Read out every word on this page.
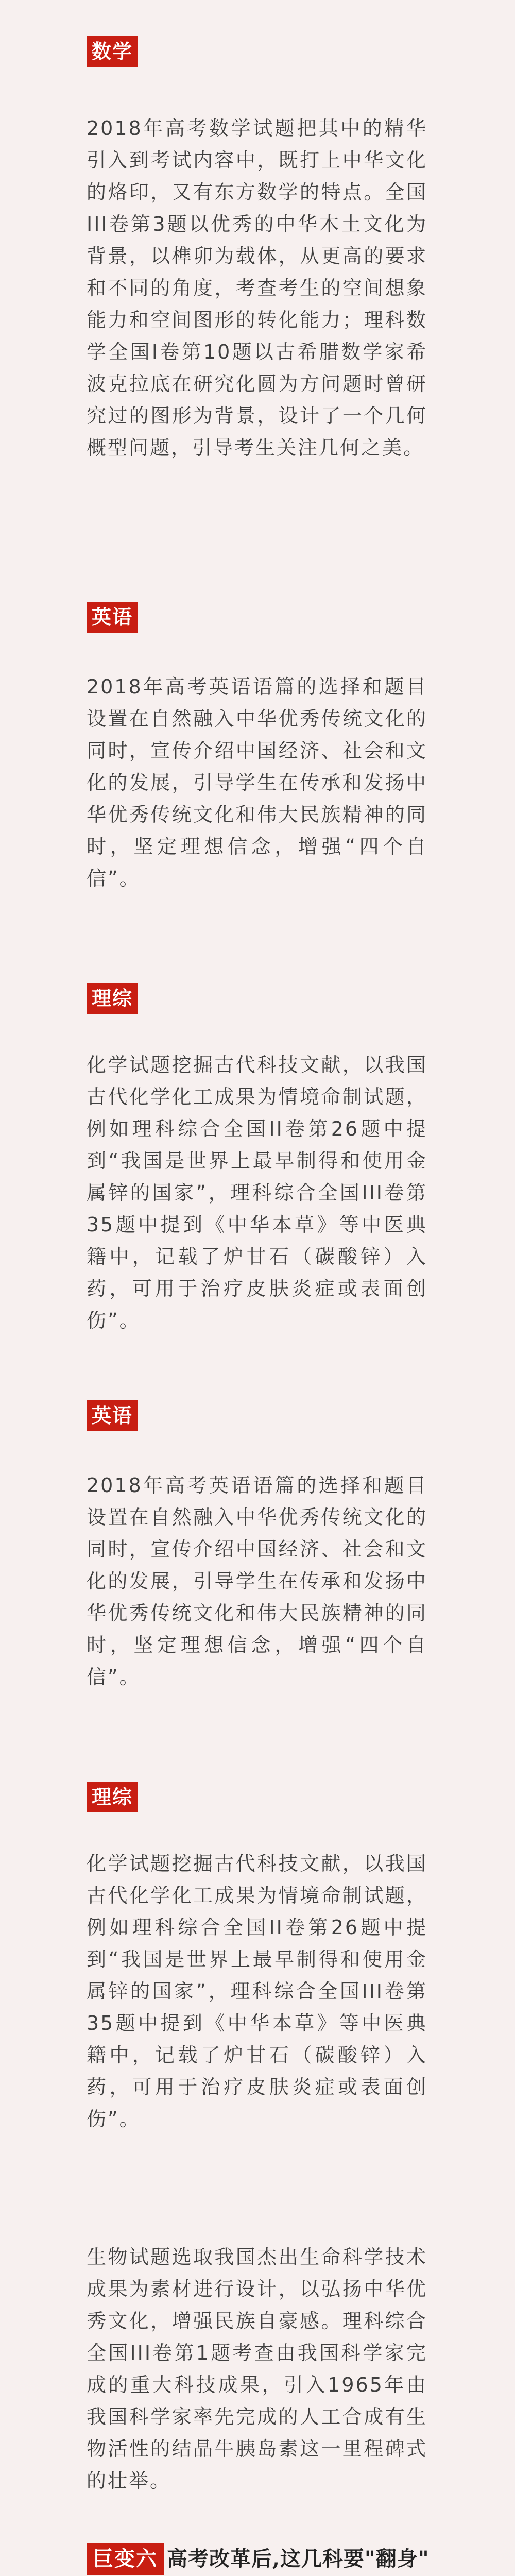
数学

2018年高考数学试题把其中的精华引入到考试内容中，既打上中华文化的烙印，又有东方数学的特点。全国III卷第3题以优秀的中华木土文化为背景，以榫卯为载体，从更高的要求和不同的角度，考查考生的空间想象能力和空间图形的转化能力；理科数学全国I卷第10题以古希腊数学家希波克拉底在研究化圆为方问题时曾研究过的图形为背景，设计了一个几何概型问题，引导考生关注几何之美。

英语

2018年高考英语语篇的选择和题目设置在自然融入中华优秀传统文化的同时，宣传介绍中国经济、社会和文化的发展，引导学生在传承和发扬中华优秀传统文化和伟大民族精神的同时，坚定理想信念，增强“四个自信”。

理综

化学试题挖掘古代科技文献，以我国古代化学化工成果为情境命制试题，例如理科综合全国II卷第26题中提到“我国是世界上最早制得和使用金属锌的国家”，理科综合全国III卷第35题中提到《中华本草》等中医典籍中，记载了炉甘石（碳酸锌）入药，可用于治疗皮肤炎症或表面创伤”。

英语

2018年高考英语语篇的选择和题目设置在自然融入中华优秀传统文化的同时，宣传介绍中国经济、社会和文化的发展，引导学生在传承和发扬中华优秀传统文化和伟大民族精神的同时，坚定理想信念，增强“四个自信”。

理综

化学试题挖掘古代科技文献，以我国古代化学化工成果为情境命制试题，例如理科综合全国II卷第26题中提到“我国是世界上最早制得和使用金属锌的国家”，理科综合全国III卷第35题中提到《中华本草》等中医典籍中，记载了炉甘石（碳酸锌）入药，可用于治疗皮肤炎症或表面创伤”。

生物试题选取我国杰出生命科学技术成果为素材进行设计，以弘扬中华优秀文化，增强民族自豪感。理科综合全国III卷第1题考查由我国科学家完成的重大科技成果，引入1965年由我国科学家率先完成的人工合成有生物活性的结晶牛胰岛素这一里程碑式的壮举。

巨变六 高考改革后,这几科要"翻身"
